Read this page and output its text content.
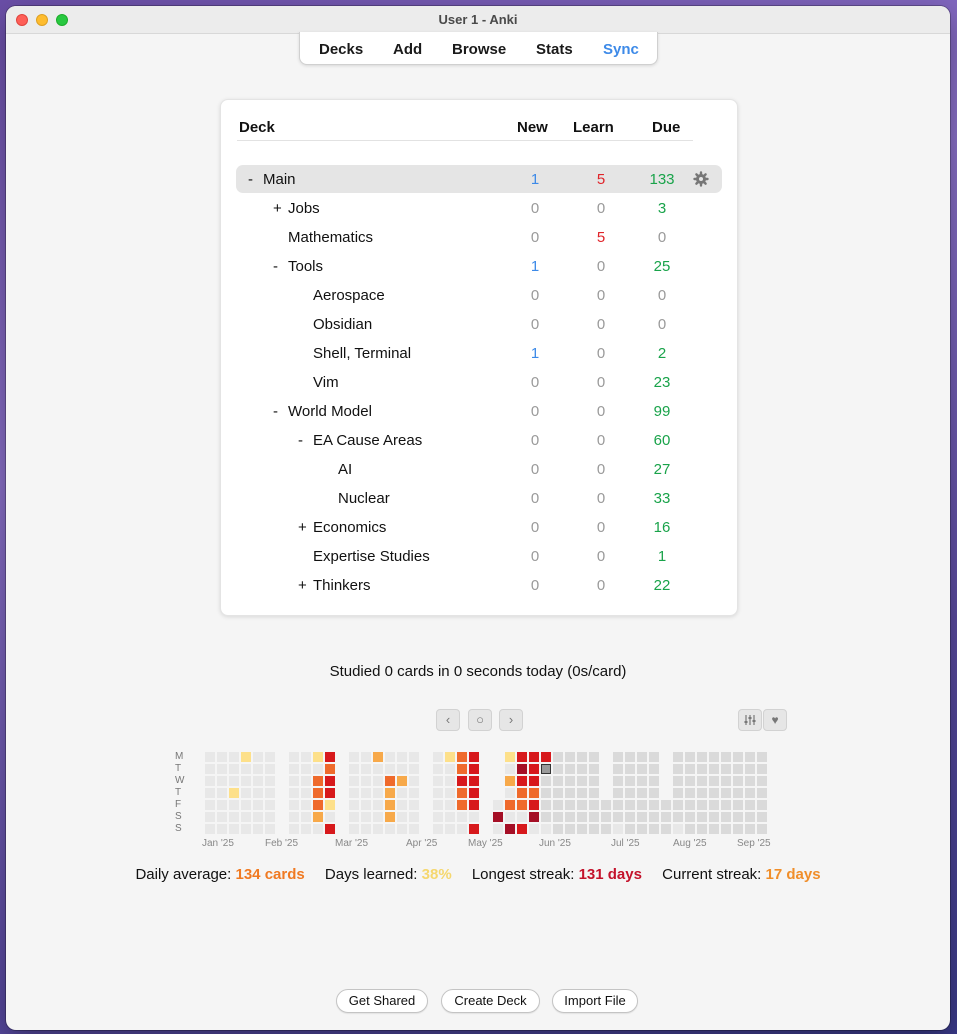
User 1 - Anki
Decks Add Browse Stats Sync
Deck	New Learn	Due
- Main	1	5	133
+ Jobs	0	0	3
Mathematics	0	5	0
- Tools	1	0	25
Aerospace	0	0	0
Obsidian	0	0	0
Shell, Terminal	1	0	2
Vim	0	0	23
- World Model	0	0	99
- EA Cause Areas	0	0	60
AI	0	0	27
Nuclear	0	0	33
+ Economics	0	0	16
Expertise Studies	0	0	1
+ Thinkers	0	0	22
Studied 0 cards in 0 seconds today (0s/card)
‹	○	›	♥
M
T
W
T
F
S
S
Jan '25	Feb '25	Mar '25	Apr '25	May '25	Jun '25	Jul '25	Aug '25	Sep '25
Daily average: 134 cards Days learned: 38% Longest streak: 131 days Current streak: 17 days
Get Shared	Create Deck	Import File
